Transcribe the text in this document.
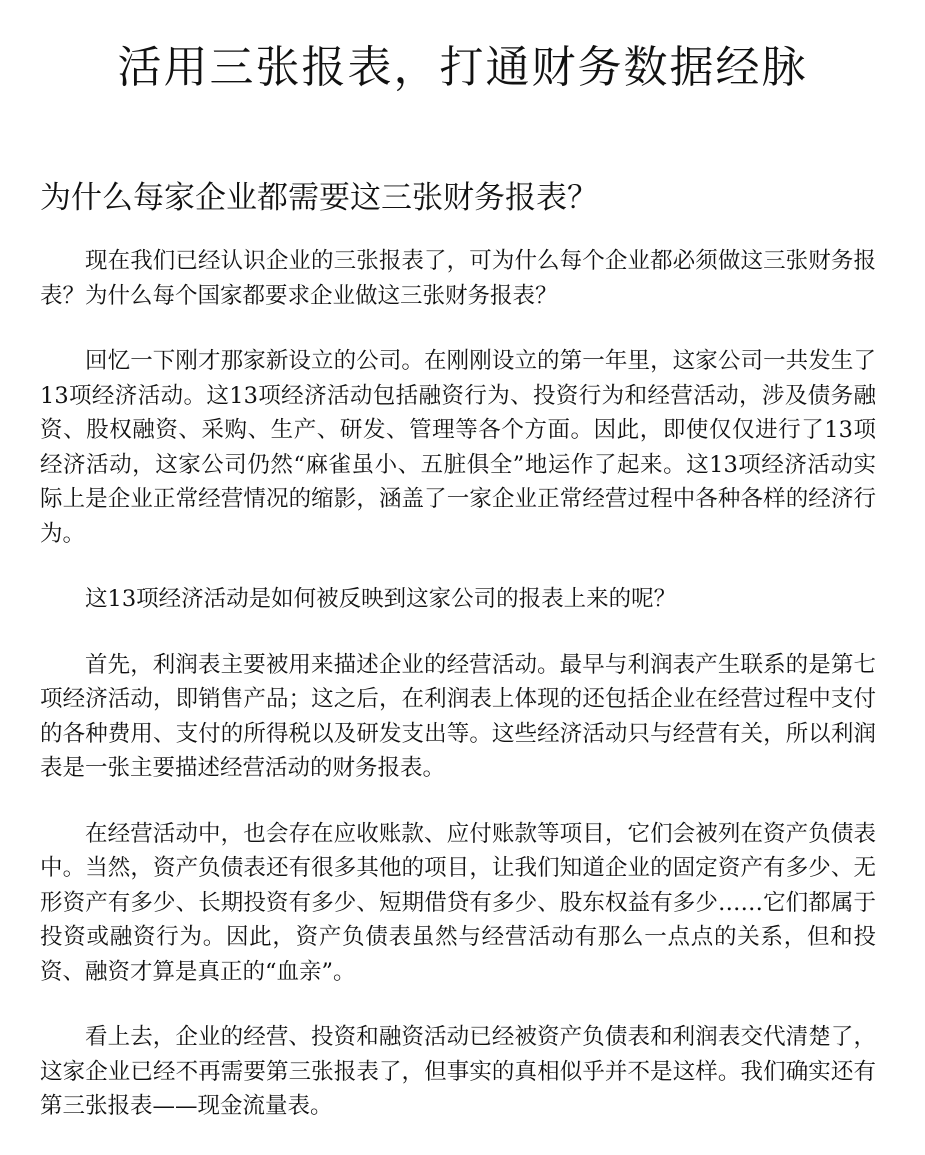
活用三张报表，打通财务数据经脉
为什么每家企业都需要这三张财务报表？

现在我们已经认识企业的三张报表了，可为什么每个企业都必须做这三张财务报表？为什么每个国家都要求企业做这三张财务报表？

回忆一下刚才那家新设立的公司。在刚刚设立的第一年里，这家公司一共发生了13项经济活动。这13项经济活动包括融资行为、投资行为和经营活动，涉及债务融资、股权融资、采购、生产、研发、管理等各个方面。因此，即使仅仅进行了13项经济活动，这家公司仍然“麻雀虽小、五脏俱全”地运作了起来。这13项经济活动实际上是企业正常经营情况的缩影，涵盖了一家企业正常经营过程中各种各样的经济行为。

这13项经济活动是如何被反映到这家公司的报表上来的呢？

首先，利润表主要被用来描述企业的经营活动。最早与利润表产生联系的是第七项经济活动，即销售产品；这之后，在利润表上体现的还包括企业在经营过程中支付的各种费用、支付的所得税以及研发支出等。这些经济活动只与经营有关，所以利润表是一张主要描述经营活动的财务报表。

在经营活动中，也会存在应收账款、应付账款等项目，它们会被列在资产负债表中。当然，资产负债表还有很多其他的项目，让我们知道企业的固定资产有多少、无形资产有多少、长期投资有多少、短期借贷有多少、股东权益有多少……它们都属于投资或融资行为。因此，资产负债表虽然与经营活动有那么一点点的关系，但和投资、融资才算是真正的“血亲”。

看上去，企业的经营、投资和融资活动已经被资产负债表和利润表交代清楚了，这家企业已经不再需要第三张报表了，但事实的真相似乎并不是这样。我们确实还有第三张报表——现金流量表。
